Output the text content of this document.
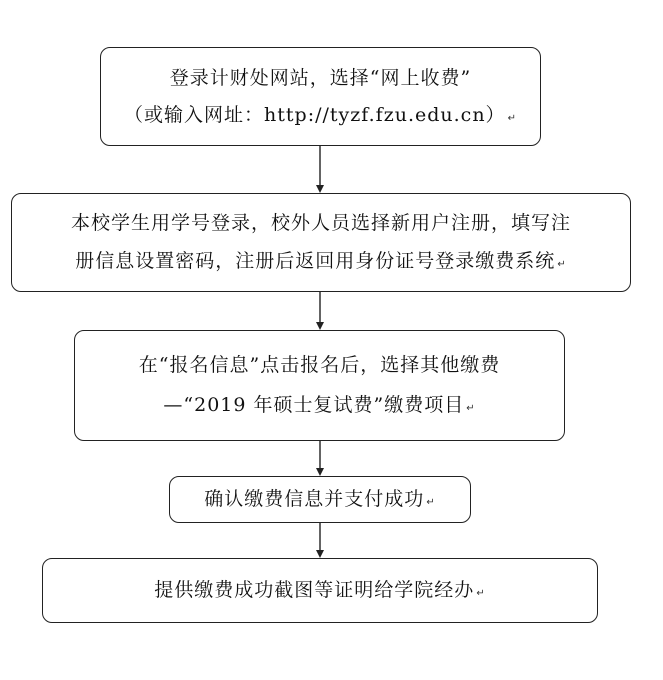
登录计财处网站，选择“网上收费”
（或输入网址：http://tyzf.fzu.edu.cn） ↵
本校学生用学号登录，校外人员选择新用户注册，填写注
册信息设置密码，注册后返回用身份证号登录缴费系统 ↵
在“报名信息”点击报名后，选择其他缴费
—“2019 年硕士复试费”缴费项目 ↵
确认缴费信息并支付成功 ↵
提供缴费成功截图等证明给学院经办 ↵
